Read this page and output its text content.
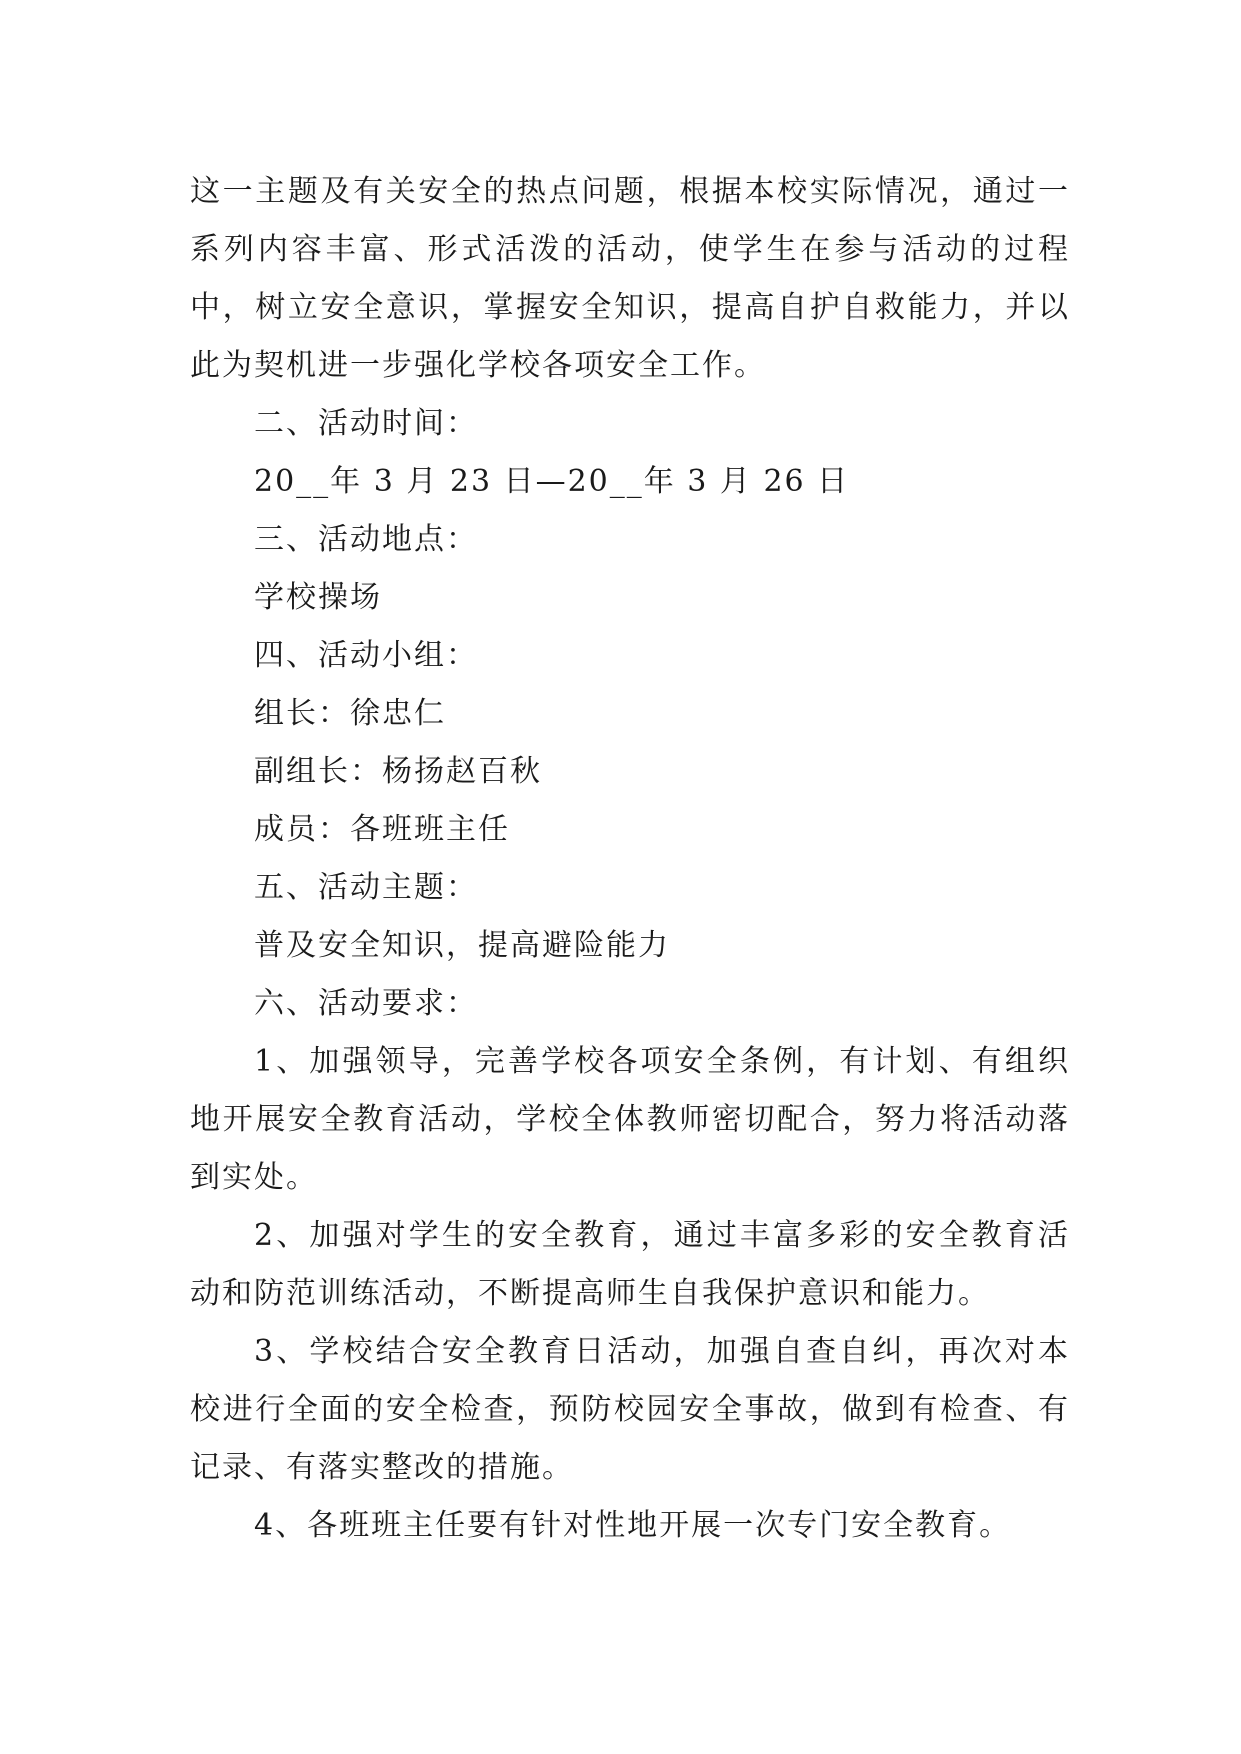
这一主题及有关安全的热点问题，根据本校实际情况，通过一系列内容丰富、形式活泼的活动，使学生在参与活动的过程中，树立安全意识，掌握安全知识，提高自护自救能力，并以此为契机进一步强化学校各项安全工作。

二、活动时间：

20__年 3 月 23 日—20__年 3 月 26 日

三、活动地点：

学校操场

四、活动小组：

组长：徐忠仁

副组长：杨扬赵百秋

成员：各班班主任

五、活动主题：

普及安全知识，提高避险能力

六、活动要求：

1、加强领导，完善学校各项安全条例，有计划、有组织地开展安全教育活动，学校全体教师密切配合，努力将活动落到实处。

2、加强对学生的安全教育，通过丰富多彩的安全教育活动和防范训练活动，不断提高师生自我保护意识和能力。

3、学校结合安全教育日活动，加强自查自纠，再次对本校进行全面的安全检查，预防校园安全事故，做到有检查、有记录、有落实整改的措施。

4、各班班主任要有针对性地开展一次专门安全教育。
